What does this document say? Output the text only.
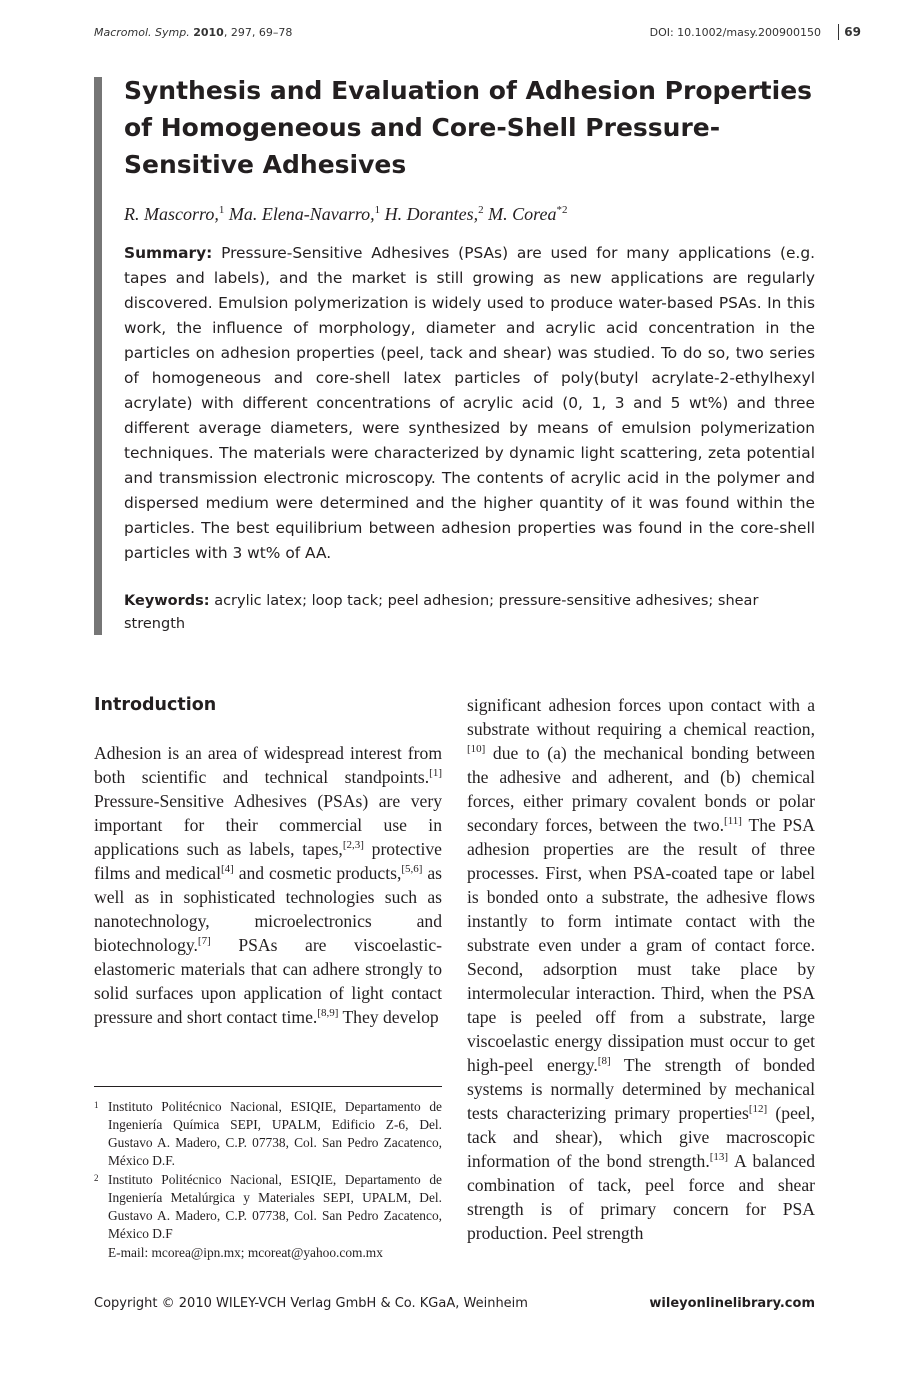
Macromol. Symp. 2010, 297, 69–78	DOI: 10.1002/masy.200900150	69
Synthesis and Evaluation of Adhesion Properties of Homogeneous and Core-Shell Pressure-Sensitive Adhesives
R. Mascorro,$^1$ Ma. Elena-Navarro,$^1$ H. Dorantes,$^2$ M. Corea$^{*2}$

Summary: Pressure-Sensitive Adhesives (PSAs) are used for many applications (e.g. tapes and labels), and the market is still growing as new applications are regularly discovered. Emulsion polymerization is widely used to produce water-based PSAs. In this work, the influence of morphology, diameter and acrylic acid concentration in the particles on adhesion properties (peel, tack and shear) was studied. To do so, two series of homogeneous and core-shell latex particles of poly(butyl acrylate-2-ethylhexyl acrylate) with different concentrations of acrylic acid (0, 1, 3 and 5 wt%) and three different average diameters, were synthesized by means of emulsion polymerization techniques. The materials were characterized by dynamic light scattering, zeta potential and transmission electronic microscopy. The contents of acrylic acid in the polymer and dispersed medium were determined and the higher quantity of it was found within the particles. The best equilibrium between adhesion properties was found in the core-shell particles with 3 wt% of AA.

Keywords: acrylic latex; loop tack; peel adhesion; pressure-sensitive adhesives; shear strength

Introduction

Adhesion is an area of widespread interest from both scientific and technical standpoints.[1] Pressure-Sensitive Adhesives (PSAs) are very important for their commercial use in applications such as labels, tapes,[2,3] protective films and medical[4] and cosmetic products,[5,6] as well as in sophisticated technologies such as nanotechnology, microelectronics and biotechnology.[7] PSAs are viscoelastic-elastomeric materials that can adhere strongly to solid surfaces upon application of light contact pressure and short contact time.[8,9] They develop

significant adhesion forces upon contact with a substrate without requiring a chemical reaction,[10] due to (a) the mechanical bonding between the adhesive and adherent, and (b) chemical forces, either primary covalent bonds or polar secondary forces, between the two.[11] The PSA adhesion properties are the result of three processes. First, when PSA-coated tape or label is bonded onto a substrate, the adhesive flows instantly to form intimate contact with the substrate even under a gram of contact force. Second, adsorption must take place by intermolecular interaction. Third, when the PSA tape is peeled off from a substrate, large viscoelastic energy dissipation must occur to get high-peel energy.[8] The strength of bonded systems is normally determined by mechanical tests characterizing primary properties[12] (peel, tack and shear), which give macroscopic information of the bond strength.[13] A balanced combination of tack, peel force and shear strength is of primary concern for PSA production. Peel strength

1 Instituto Politécnico Nacional, ESIQIE, Departamento de Ingeniería Química SEPI, UPALM, Edificio Z-6, Del. Gustavo A. Madero, C.P. 07738, Col. San Pedro Zacatenco, México D.F.

2 Instituto Politécnico Nacional, ESIQIE, Departamento de Ingeniería Metalúrgica y Materiales SEPI, UPALM, Del. Gustavo A. Madero, C.P. 07738, Col. San Pedro Zacatenco, México D.F

E-mail: mcorea@ipn.mx; mcoreat@yahoo.com.mx

Copyright © 2010 WILEY-VCH Verlag GmbH & Co. KGaA, Weinheim	wileyonlinelibrary.com
